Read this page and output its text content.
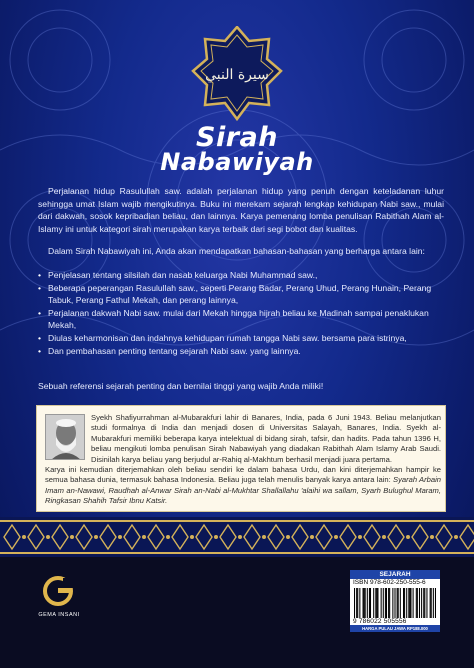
سيرة النبي
Sirah
Nabawiyah

Perjalanan hidup Rasulullah saw. adalah perjalanan hidup yang penuh dengan keteladanan luhur sehingga umat Islam wajib mengikutinya. Buku ini merekam sejarah lengkap kehidupan Nabi saw., mulai dari dakwah, sosok kepribadian beliau, dan lainnya. Karya pemenang lomba penulisan Rabithah Alam al-Islamy ini untuk kategori sirah merupakan karya terbaik dari segi bobot dan kualitas.

Dalam Sirah Nabawiyah ini, Anda akan mendapatkan bahasan-bahasan yang berharga antara lain:

• Penjelasan tentang silsilah dan nasab keluarga Nabi Muhammad saw.,
• Beberapa peperangan Rasulullah saw., seperti Perang Badar, Perang Uhud, Perang Hunain, Perang Tabuk, Perang Fathul Mekah, dan perang lainnya,
• Perjalanan dakwah Nabi saw. mulai dari Mekah hingga hijrah beliau ke Madinah sampai penaklukan Mekah,
• Diulas keharmonisan dan indahnya kehidupan rumah tangga Nabi saw. bersama para istrinya,
• Dan pembahasan penting tentang sejarah Nabi saw. yang lainnya.

Sebuah referensi sejarah penting dan bernilai tinggi yang wajib Anda miliki!

Syekh Shafiyurrahman al-Mubarakfuri lahir di Banares, India, pada 6 Juni 1943. Beliau melanjutkan studi formalnya di India dan menjadi dosen di Universitas Salayah, Banares, India. Syekh al-Mubarakfuri memiliki beberapa karya intelektual di bidang sirah, tafsir, dan hadits. Pada tahun 1396 H, beliau mengikuti lomba penulisan Sirah Nabawiyah yang diadakan Rabithah Alam Islamy Arab Saudi. Disinilah karya beliau yang berjudul ar-Rahiq al-Makhtum berhasil menjadi juara pertama.

Karya ini kemudian diterjemahkan oleh beliau sendiri ke dalam bahasa Urdu, dan kini diterjemahkan hampir ke semua bahasa dunia, termasuk bahasa Indonesia. Beliau juga telah menulis banyak karya antara lain: Syarah Arbain Imam an-Nawawi, Raudhah al-Anwar Sirah an-Nabi al-Mukhtar Shallallahu 'alaihi wa sallam, Syarh Bulughul Maram, Ringkasan Shahih Tafsir Ibnu Katsir.

GEMA INSANI
SEJARAH
ISBN 978-602-250-555-6
9 786022 505556
HARGA PULAU JAWA RP188.000
